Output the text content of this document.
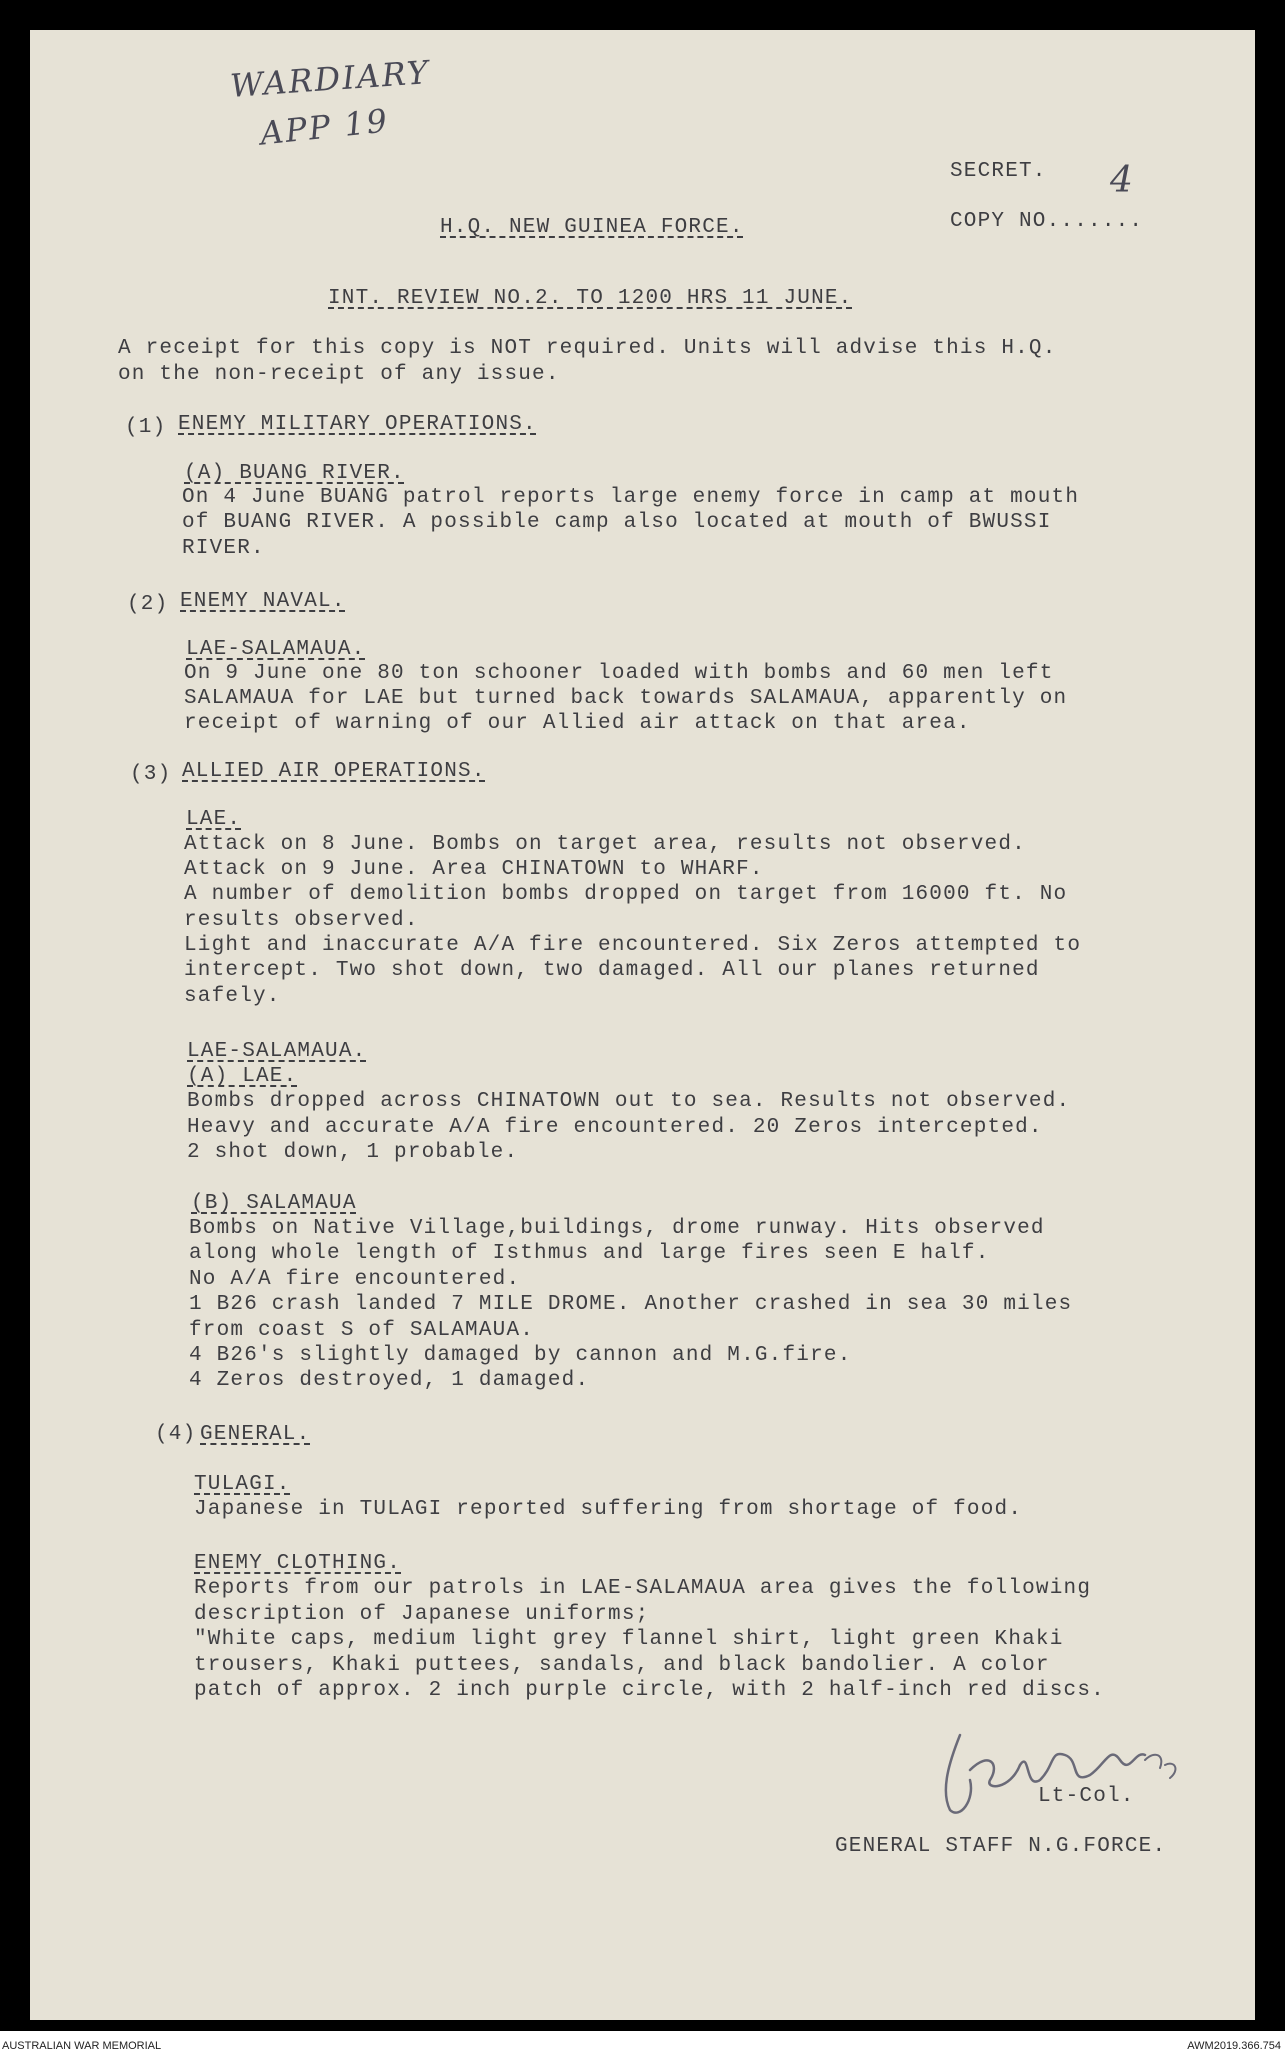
WARDIARY
APP 19
4
SECRET.
COPY NO.......
H.Q. NEW GUINEA FORCE.
INT. REVIEW NO.2. TO 1200 HRS 11 JUNE.
A receipt for this copy is NOT required. Units will advise this H.Q.
on the non-receipt of any issue.
(1) ENEMY MILITARY OPERATIONS.
(A) BUANG RIVER.
On 4 June BUANG patrol reports large enemy force in camp at mouth
of BUANG RIVER. A possible camp also located at mouth of BWUSSI
RIVER.
(2) ENEMY NAVAL.
LAE-SALAMAUA.
On 9 June one 80 ton schooner loaded with bombs and 60 men left
SALAMAUA for LAE but turned back towards SALAMAUA, apparently on
receipt of warning of our Allied air attack on that area.
(3) ALLIED AIR OPERATIONS.
LAE.
Attack on 8 June. Bombs on target area, results not observed.
Attack on 9 June. Area CHINATOWN to WHARF.
A number of demolition bombs dropped on target from 16000 ft. No
results observed.
Light and inaccurate A/A fire encountered. Six Zeros attempted to
intercept. Two shot down, two damaged. All our planes returned
safely.
LAE-SALAMAUA.
(A) LAE.
Bombs dropped across CHINATOWN out to sea. Results not observed.
Heavy and accurate A/A fire encountered. 20 Zeros intercepted.
2 shot down, 1 probable.
(B) SALAMAUA
Bombs on Native Village,buildings, drome runway. Hits observed
along whole length of Isthmus and large fires seen E half.
No A/A fire encountered.
1 B26 crash landed 7 MILE DROME. Another crashed in sea 30 miles
from coast S of SALAMAUA.
4 B26's slightly damaged by cannon and M.G.fire.
4 Zeros destroyed, 1 damaged.
(4) GENERAL.
TULAGI.
Japanese in TULAGI reported suffering from shortage of food.
ENEMY CLOTHING.
Reports from our patrols in LAE-SALAMAUA area gives the following
description of Japanese uniforms;
"White caps, medium light grey flannel shirt, light green Khaki
trousers, Khaki puttees, sandals, and black bandolier. A color
patch of approx. 2 inch purple circle, with 2 half-inch red discs.
Lt-Col.
GENERAL STAFF N.G.FORCE.
AUSTRALIAN WAR MEMORIAL	AWM2019.366.754
